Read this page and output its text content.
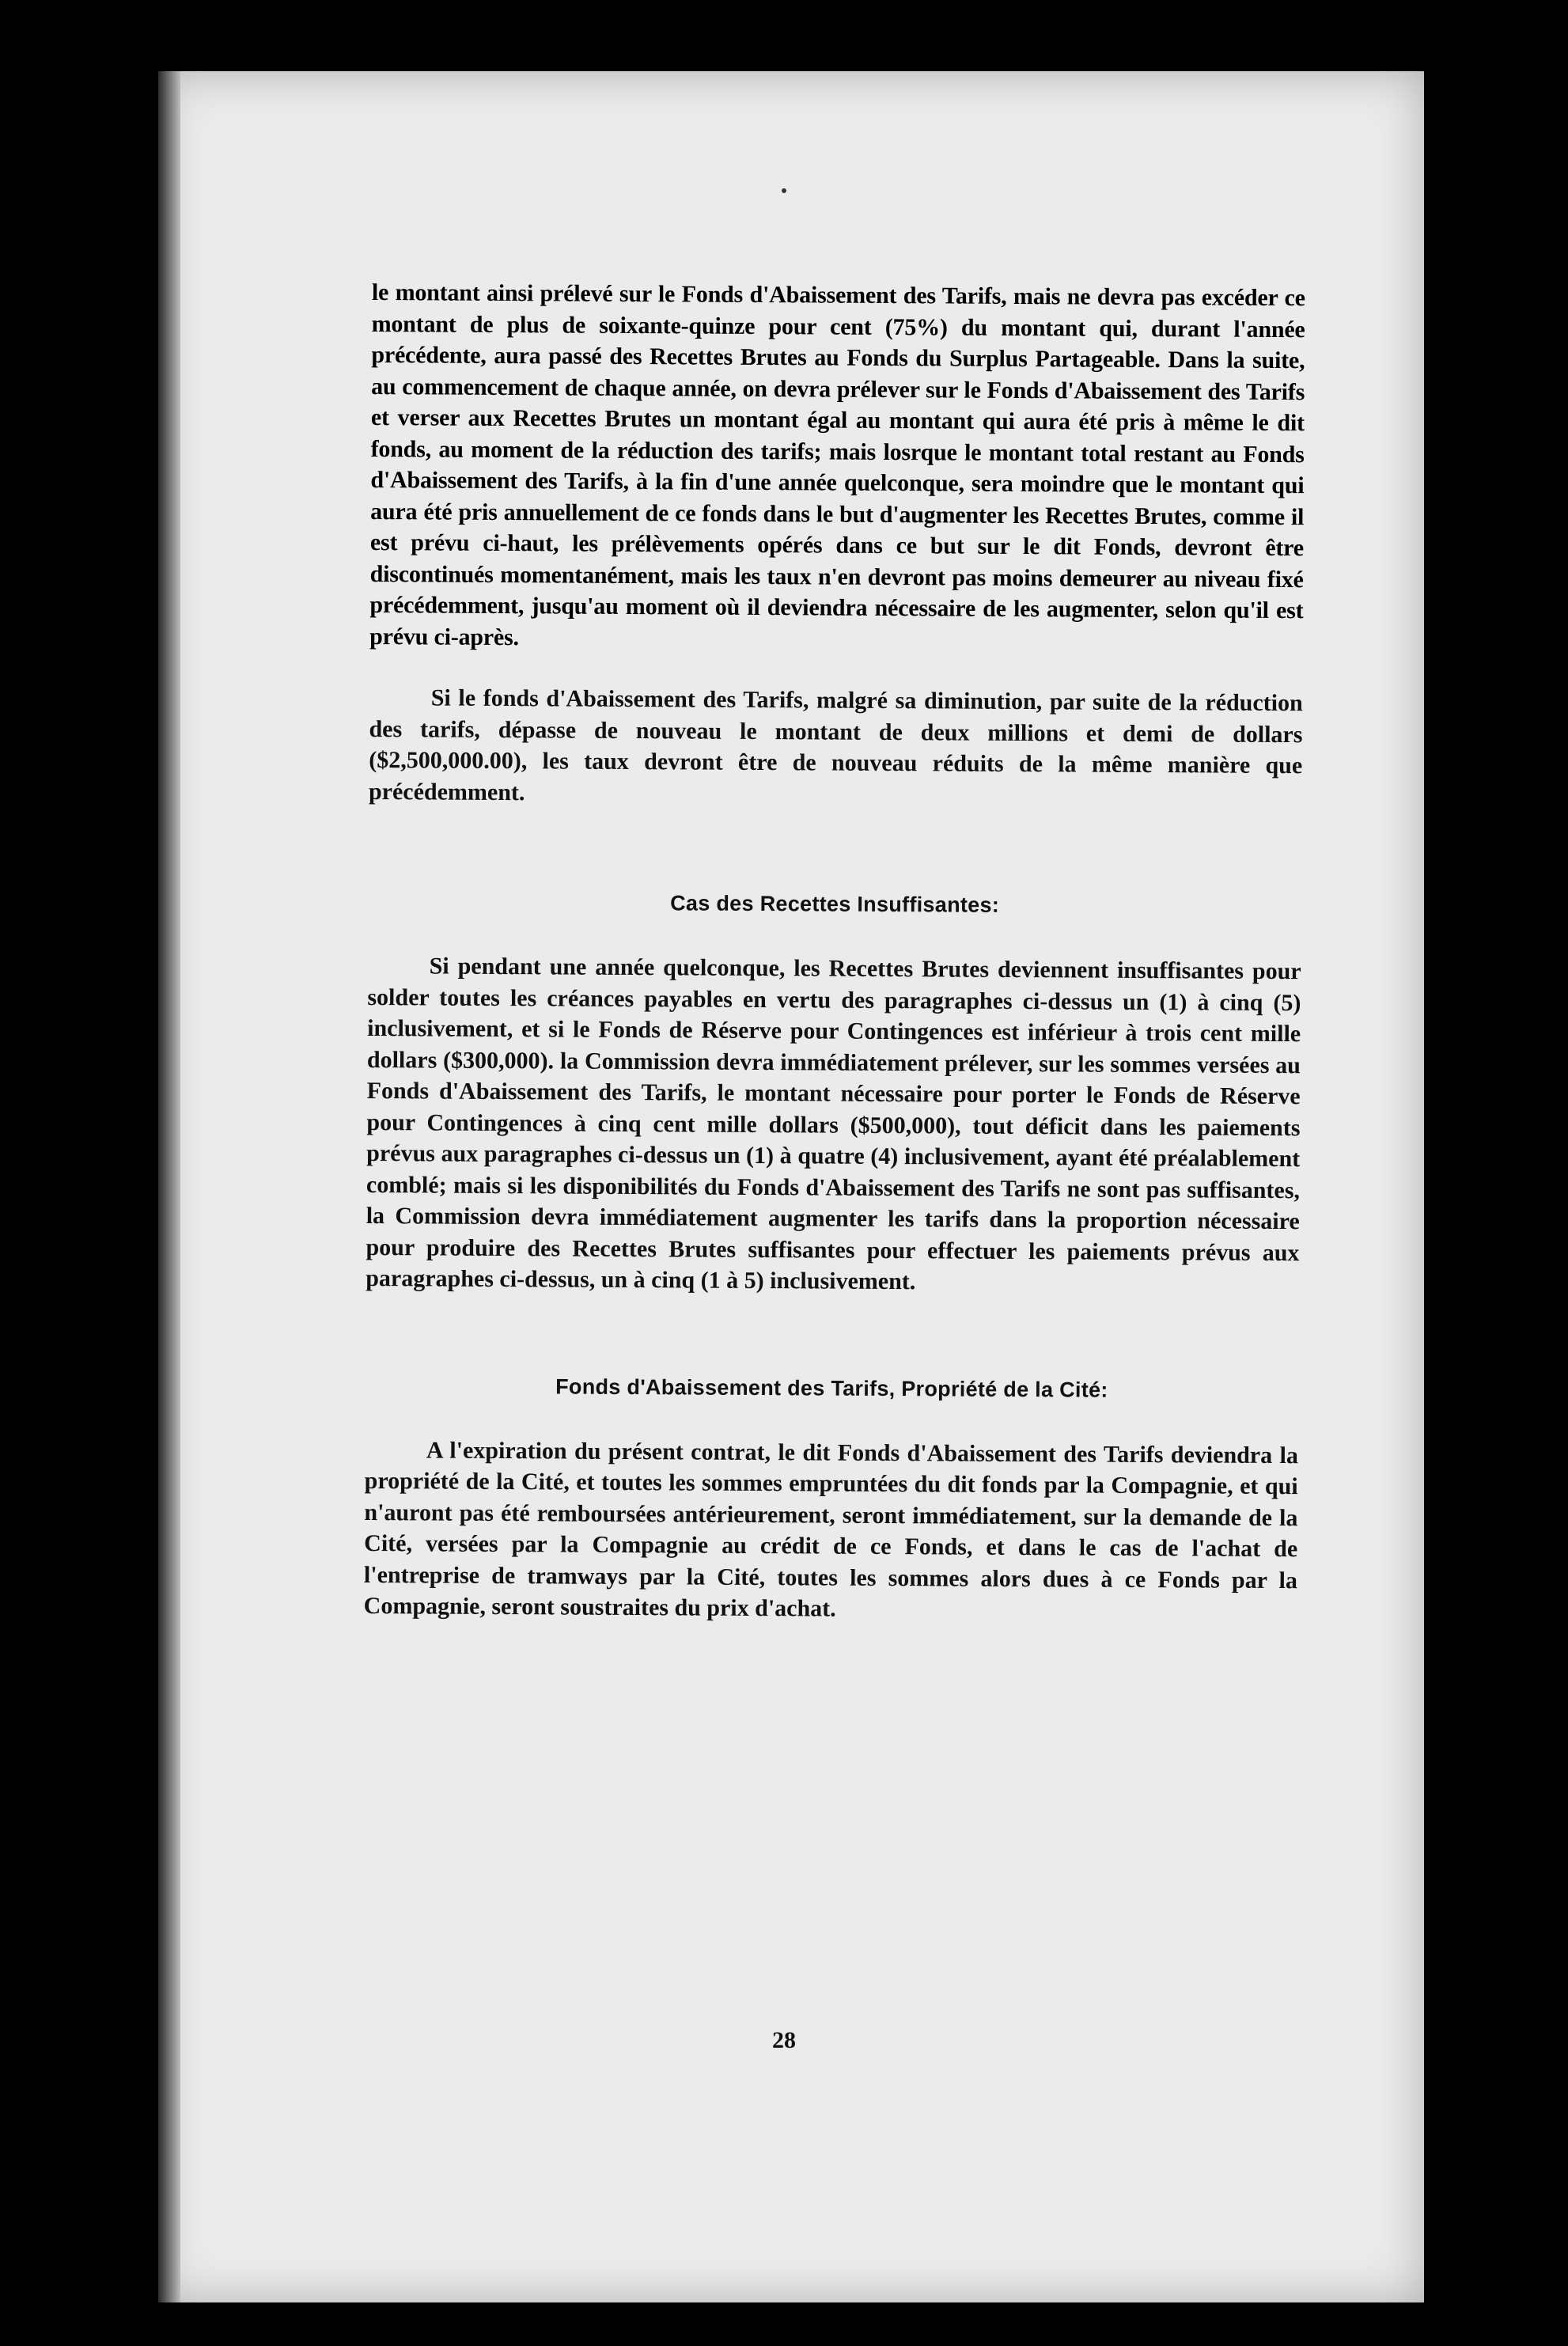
le montant ainsi prélevé sur le Fonds d'Abaissement des Tarifs, mais ne devra pas excéder ce montant de plus de soixante-quinze pour cent (75%) du montant qui, durant l'année précédente, aura passé des Recettes Brutes au Fonds du Surplus Partageable. Dans la suite, au commencement de chaque année, on devra prélever sur le Fonds d'Abaissement des Tarifs et verser aux Recettes Brutes un montant égal au montant qui aura été pris à même le dit fonds, au moment de la réduction des tarifs; mais losrque le montant total restant au Fonds d'Abaissement des Tarifs, à la fin d'une année quelconque, sera moindre que le montant qui aura été pris annuellement de ce fonds dans le but d'augmenter les Recettes Brutes, comme il est prévu ci-haut, les prélèvements opérés dans ce but sur le dit Fonds, devront être discontinués momentanément, mais les taux n'en devront pas moins demeurer au niveau fixé précédemment, jusqu'au moment où il deviendra nécessaire de les augmenter, selon qu'il est prévu ci-après.

Si le fonds d'Abaissement des Tarifs, malgré sa diminution, par suite de la réduction des tarifs, dépasse de nouveau le montant de deux millions et demi de dollars ($2,500,000.00), les taux devront être de nouveau réduits de la même manière que précédemment.

Cas des Recettes Insuffisantes:

Si pendant une année quelconque, les Recettes Brutes deviennent insuffisantes pour solder toutes les créances payables en vertu des paragraphes ci-dessus un (1) à cinq (5) inclusivement, et si le Fonds de Réserve pour Contingences est inférieur à trois cent mille dollars ($300,000). la Commission devra immédiatement prélever, sur les sommes versées au Fonds d'Abaissement des Tarifs, le montant nécessaire pour porter le Fonds de Réserve pour Contingences à cinq cent mille dollars ($500,000), tout déficit dans les paiements prévus aux paragraphes ci-dessus un (1) à quatre (4) inclusivement, ayant été préalablement comblé; mais si les disponibilités du Fonds d'Abaissement des Tarifs ne sont pas suffisantes, la Commission devra immédiatement augmenter les tarifs dans la proportion nécessaire pour produire des Recettes Brutes suffisantes pour effectuer les paiements prévus aux paragraphes ci-dessus, un à cinq (1 à 5) inclusivement.

Fonds d'Abaissement des Tarifs, Propriété de la Cité:

A l'expiration du présent contrat, le dit Fonds d'Abaissement des Tarifs deviendra la propriété de la Cité, et toutes les sommes empruntées du dit fonds par la Compagnie, et qui n'auront pas été remboursées antérieurement, seront immédiatement, sur la demande de la Cité, versées par la Compagnie au crédit de ce Fonds, et dans le cas de l'achat de l'entreprise de tramways par la Cité, toutes les sommes alors dues à ce Fonds par la Compagnie, seront soustraites du prix d'achat.

28
